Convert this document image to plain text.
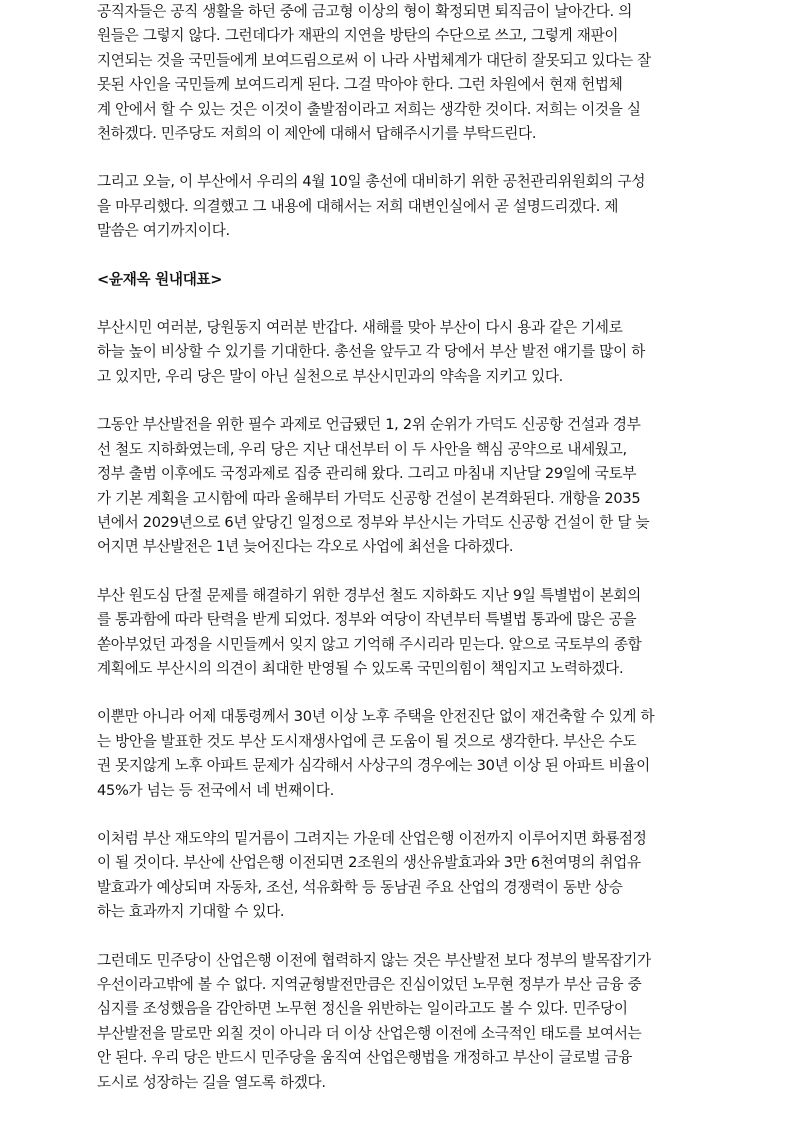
공직자들은 공직 생활을 하던 중에 금고형 이상의 형이 확정되면 퇴직금이 날아간다. 의
원들은 그렇지 않다. 그런데다가 재판의 지연을 방탄의 수단으로 쓰고, 그렇게 재판이
지연되는 것을 국민들에게 보여드림으로써 이 나라 사법체계가 대단히 잘못되고 있다는 잘
못된 사인을 국민들께 보여드리게 된다. 그걸 막아야 한다. 그런 차원에서 현재 헌법체
계 안에서 할 수 있는 것은 이것이 출발점이라고 저희는 생각한 것이다. 저희는 이것을 실
천하겠다. 민주당도 저희의 이 제안에 대해서 답해주시기를 부탁드린다.

그리고 오늘, 이 부산에서 우리의 4월 10일 총선에 대비하기 위한 공천관리위원회의 구성
을 마무리했다. 의결했고 그 내용에 대해서는 저희 대변인실에서 곧 설명드리겠다. 제
말씀은 여기까지이다.

<윤재옥 원내대표>

부산시민 여러분, 당원동지 여러분 반갑다. 새해를 맞아 부산이 다시 용과 같은 기세로
하늘 높이 비상할 수 있기를 기대한다. 총선을 앞두고 각 당에서 부산 발전 얘기를 많이 하
고 있지만, 우리 당은 말이 아닌 실천으로 부산시민과의 약속을 지키고 있다.

그동안 부산발전을 위한 필수 과제로 언급됐던 1, 2위 순위가 가덕도 신공항 건설과 경부
선 철도 지하화였는데, 우리 당은 지난 대선부터 이 두 사안을 핵심 공약으로 내세웠고,
정부 출범 이후에도 국정과제로 집중 관리해 왔다. 그리고 마침내 지난달 29일에 국토부
가 기본 계획을 고시함에 따라 올해부터 가덕도 신공항 건설이 본격화된다. 개항을 2035
년에서 2029년으로 6년 앞당긴 일정으로 정부와 부산시는 가덕도 신공항 건설이 한 달 늦
어지면 부산발전은 1년 늦어진다는 각오로 사업에 최선을 다하겠다.

부산 원도심 단절 문제를 해결하기 위한 경부선 철도 지하화도 지난 9일 특별법이 본회의
를 통과함에 따라 탄력을 받게 되었다. 정부와 여당이 작년부터 특별법 통과에 많은 공을
쏟아부었던 과정을 시민들께서 잊지 않고 기억해 주시리라 믿는다. 앞으로 국토부의 종합
계획에도 부산시의 의견이 최대한 반영될 수 있도록 국민의힘이 책임지고 노력하겠다.

이뿐만 아니라 어제 대통령께서 30년 이상 노후 주택을 안전진단 없이 재건축할 수 있게 하
는 방안을 발표한 것도 부산 도시재생사업에 큰 도움이 될 것으로 생각한다. 부산은 수도
권 못지않게 노후 아파트 문제가 심각해서 사상구의 경우에는 30년 이상 된 아파트 비율이
45%가 넘는 등 전국에서 네 번째이다.

이처럼 부산 재도약의 밑거름이 그려지는 가운데 산업은행 이전까지 이루어지면 화룡점정
이 될 것이다. 부산에 산업은행 이전되면 2조원의 생산유발효과와 3만 6천여명의 취업유
발효과가 예상되며 자동차, 조선, 석유화학 등 동남권 주요 산업의 경쟁력이 동반 상승
하는 효과까지 기대할 수 있다.

그런데도 민주당이 산업은행 이전에 협력하지 않는 것은 부산발전 보다 정부의 발목잡기가
우선이라고밖에 볼 수 없다. 지역균형발전만큼은 진심이었던 노무현 정부가 부산 금융 중
심지를 조성했음을 감안하면 노무현 정신을 위반하는 일이라고도 볼 수 있다. 민주당이
부산발전을 말로만 외칠 것이 아니라 더 이상 산업은행 이전에 소극적인 태도를 보여서는
안 된다. 우리 당은 반드시 민주당을 움직여 산업은행법을 개정하고 부산이 글로벌 금융
도시로 성장하는 길을 열도록 하겠다.
